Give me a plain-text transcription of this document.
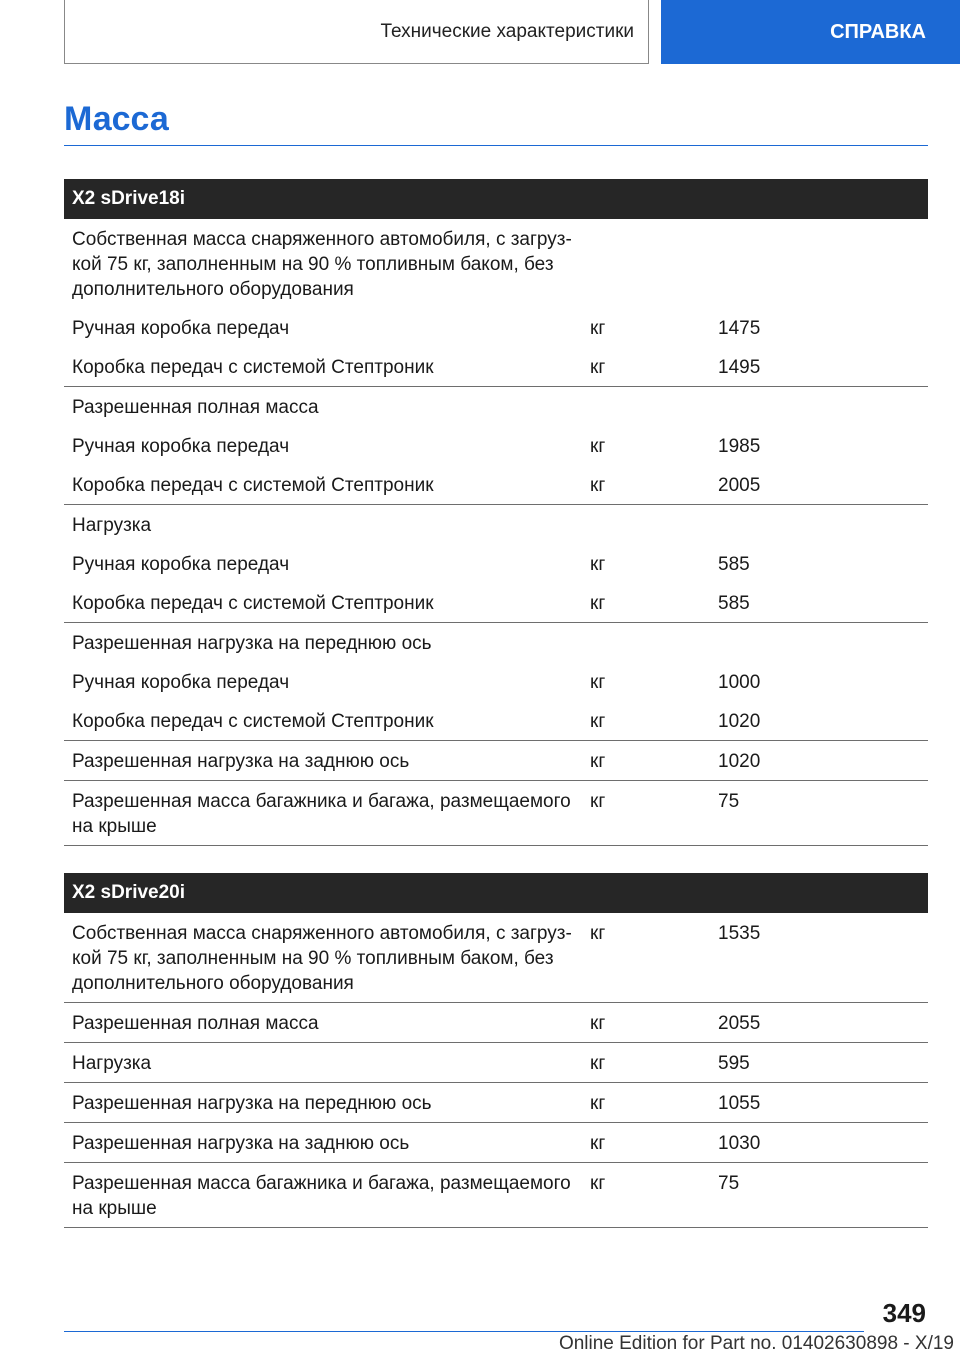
Технические характеристики	СПРАВКА
Масса
X2 sDrive18i
Собственная масса снаряженного автомобиля, с загруз-
кой 75 кг, заполненным на 90 % топливным баком, без
дополнительного оборудования
Ручная коробка передач	кг	1475
Коробка передач с системой Стептроник	кг	1495
Разрешенная полная масса
Ручная коробка передач	кг	1985
Коробка передач с системой Стептроник	кг	2005
Нагрузка
Ручная коробка передач	кг	585
Коробка передач с системой Стептроник	кг	585
Разрешенная нагрузка на переднюю ось
Ручная коробка передач	кг	1000
Коробка передач с системой Стептроник	кг	1020
Разрешенная нагрузка на заднюю ось	кг	1020
Разрешенная масса багажника и багажа, размещаемого
на крыше
кг	75
X2 sDrive20i
Собственная масса снаряженного автомобиля, с загруз-
кой 75 кг, заполненным на 90 % топливным баком, без
дополнительного оборудования
кг	1535
Разрешенная полная масса	кг	2055
Нагрузка	кг	595
Разрешенная нагрузка на переднюю ось	кг	1055
Разрешенная нагрузка на заднюю ось	кг	1030
Разрешенная масса багажника и багажа, размещаемого
на крыше
кг	75
349
Online Edition for Part no. 01402630898 - X/19
